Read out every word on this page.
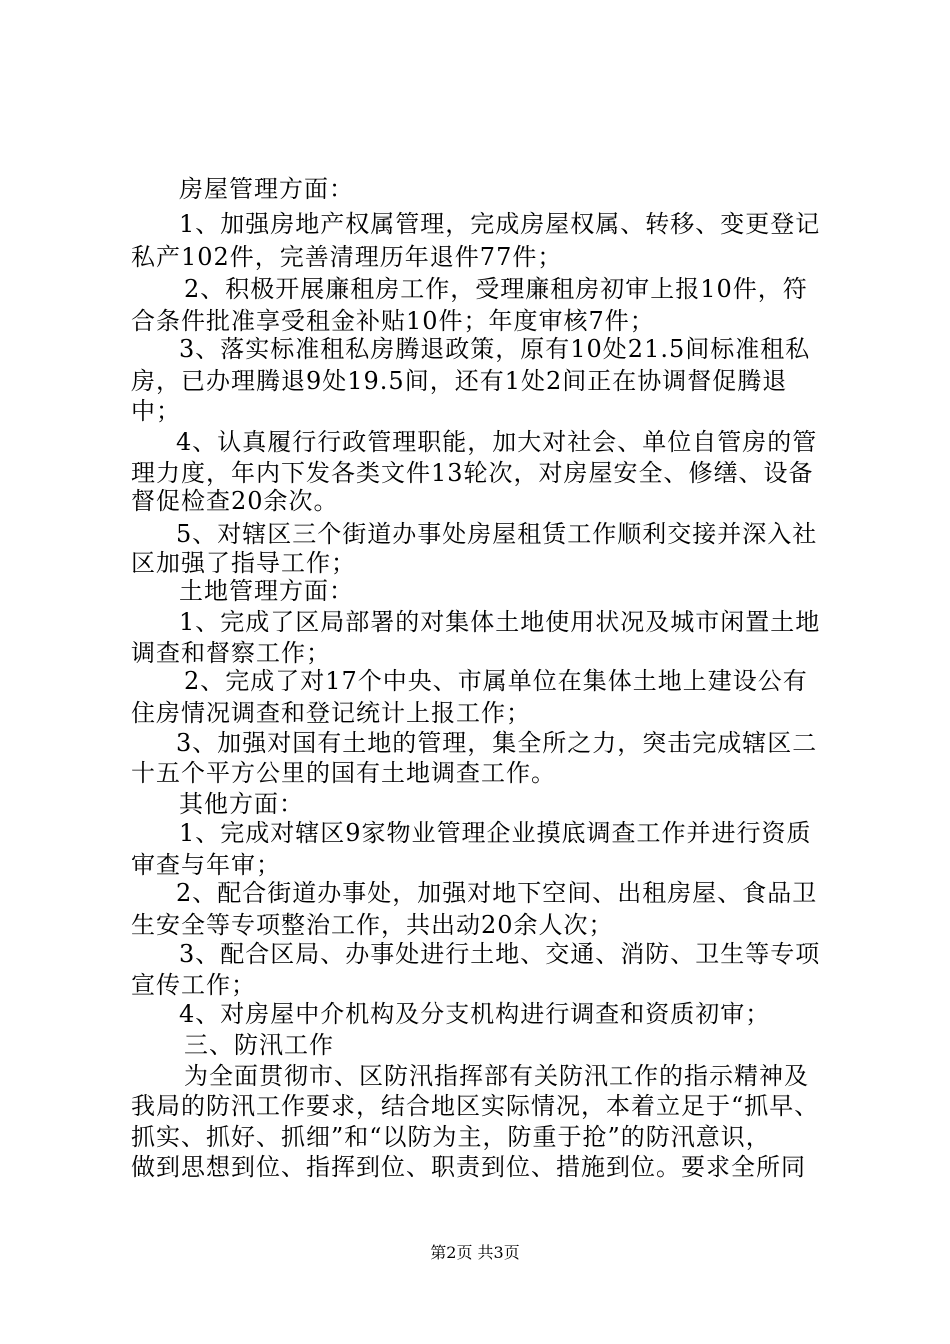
房屋管理方面：
1、加强房地产权属管理，完成房屋权属、转移、变更登记
私产102件，完善清理历年退件77件；
2、积极开展廉租房工作，受理廉租房初审上报10件，符
合条件批准享受租金补贴10件；年度审核7件；
3、落实标准租私房腾退政策，原有10处21.5间标准租私
房，已办理腾退9处19.5间，还有1处2间正在协调督促腾退
中；
4、认真履行行政管理职能，加大对社会、单位自管房的管
理力度，年内下发各类文件13轮次，对房屋安全、修缮、设备
督促检查20余次。
5、对辖区三个街道办事处房屋租赁工作顺利交接并深入社
区加强了指导工作；
土地管理方面：
1、完成了区局部署的对集体土地使用状况及城市闲置土地
调查和督察工作；
2、完成了对17个中央、市属单位在集体土地上建设公有
住房情况调查和登记统计上报工作；
3、加强对国有土地的管理，集全所之力，突击完成辖区二
十五个平方公里的国有土地调查工作。
其他方面：
1、完成对辖区9家物业管理企业摸底调查工作并进行资质
审查与年审；
2、配合街道办事处，加强对地下空间、出租房屋、食品卫
生安全等专项整治工作，共出动20余人次；
3、配合区局、办事处进行土地、交通、消防、卫生等专项
宣传工作；
4、对房屋中介机构及分支机构进行调查和资质初审；
三、防汛工作
为全面贯彻市、区防汛指挥部有关防汛工作的指示精神及
我局的防汛工作要求，结合地区实际情况，本着立足于“抓早、
抓实、抓好、抓细”和“以防为主，防重于抢”的防汛意识，
做到思想到位、指挥到位、职责到位、措施到位。要求全所同
第2页 共3页
